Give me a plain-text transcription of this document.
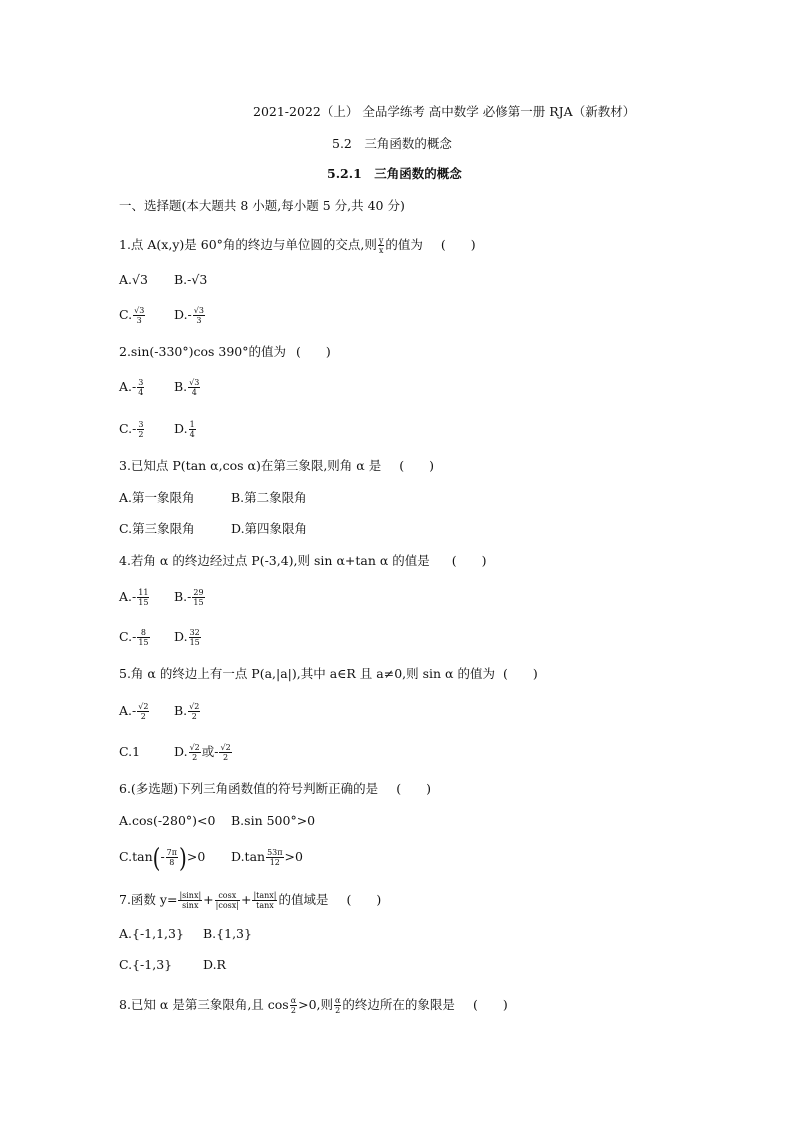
2021-2022（上） 全品学练考 高中数学 必修第一册 RJA（新教材）
5.2　三角函数的概念
5.2.1　三角函数的概念
一、选择题(本大题共 8 小题,每小题 5 分,共 40 分)
1.点 A(x,y)是 60°角的终边与单位圆的交点,则 $\frac{y}{x}$ 的值为 (　　)
A.√3 B.-√3
C. $\frac{√3}{3} D.- \frac{√3}{3}$
2.sin(-330°)cos 390°的值为 (　　)
$A.- \frac{3}{4} B$. $\frac{√3}{4}$
$C.- \frac{3}{2} D$. $\frac{1}{4}$
3.已知点 P(tan α,cos α)在第三象限,则角 α 是 (　　)
A.第一象限角	B.第二象限角
C.第三象限角	D.第四象限角
4.若角 α 的终边经过点 P(-3,4),则 sin α+tan α 的值是 (　　)
$A.- \frac{11}{15} B.- \frac{29}{15}$
$C.- \frac{8}{15} D$. $\frac{32}{15}$
5.角 α 的终边上有一点 P(a,|a|),其中 a∈R 且 a≠0,则 sin α 的值为 (　　)
$A.- \frac{√2}{2} B$. $\frac{√2}{2}$
C.1	D. $\frac{√2}{2}$ 或- $\frac{√2}{2}$
6.(多选题)下列三角函数值的符号判断正确的是 (　　)
A.cos(-280°)<0 B.sin 500°>0
$C.\tan(- \frac{7\pi}{8} )>0$ $D.\tan \frac{53\pi}{12} >0$
7.函数 $y= \frac{|\sin x|}{\sin x} + \frac{\cos x}{|\cos x|} + \frac{|\tan x|}{\tan x}$ 的值域是 (　　)
A.{-1,1,3} B.{1,3}
C.{-1,3} D.R
8.已知 α 是第三象限角,且 $\cos \frac{\alpha}{2} >0$,则 $\frac{\alpha}{2}$ 的终边所在的象限是 (　　)
